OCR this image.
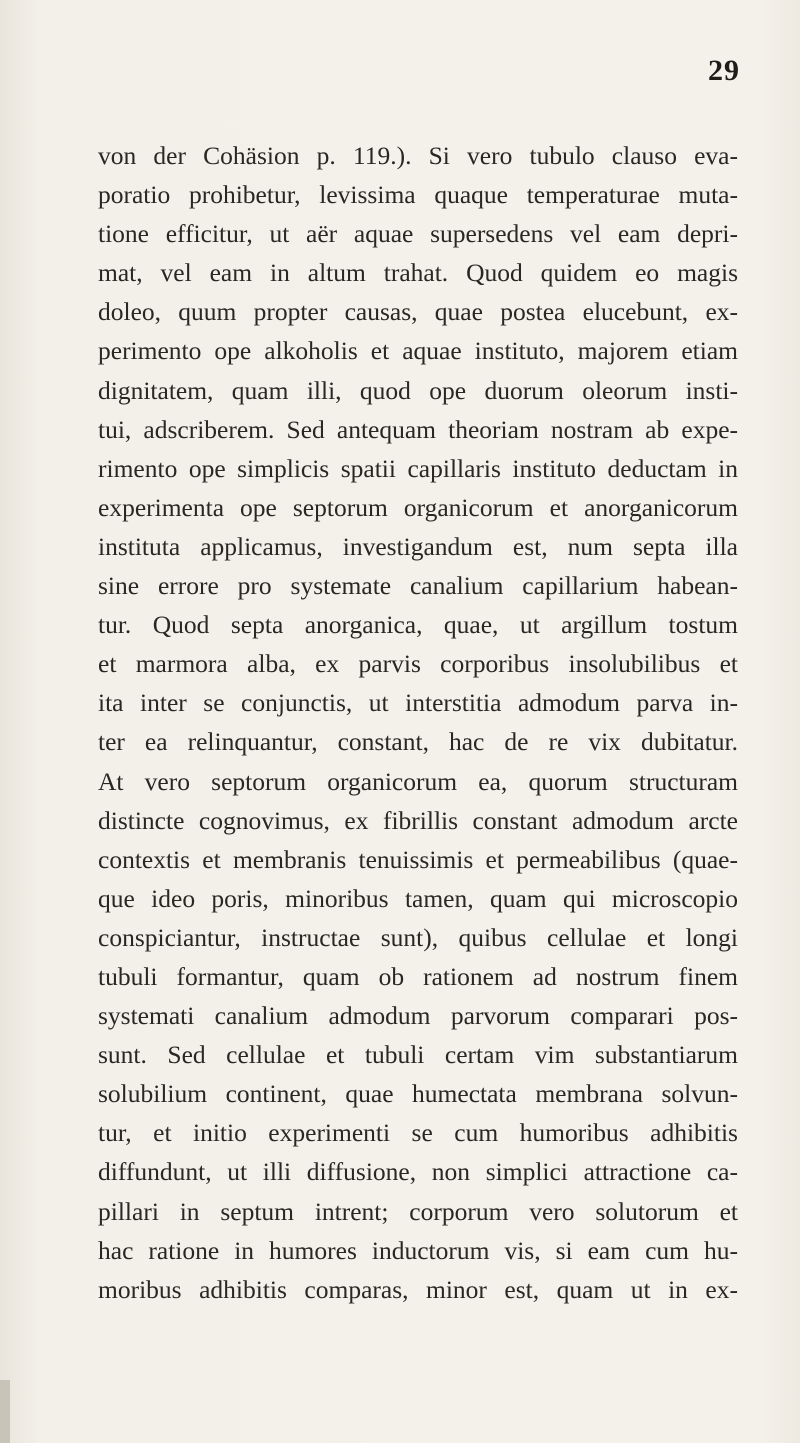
29
von der Cohäsion p. 119.). Si vero tubulo clauso eva-
poratio prohibetur, levissima quaque temperaturae muta-
tione efficitur, ut aër aquae supersedens vel eam depri-
mat, vel eam in altum trahat. Quod quidem eo magis
doleo, quum propter causas, quae postea elucebunt, ex-
perimento ope alkoholis et aquae instituto, majorem etiam
dignitatem, quam illi, quod ope duorum oleorum insti-
tui, adscriberem. Sed antequam theoriam nostram ab expe-
rimento ope simplicis spatii capillaris instituto deductam in
experimenta ope septorum organicorum et anorganicorum
instituta applicamus, investigandum est, num septa illa
sine errore pro systemate canalium capillarium habean-
tur. Quod septa anorganica, quae, ut argillum tostum
et marmora alba, ex parvis corporibus insolubilibus et
ita inter se conjunctis, ut interstitia admodum parva in-
ter ea relinquantur, constant, hac de re vix dubitatur.
At vero septorum organicorum ea, quorum structuram
distincte cognovimus, ex fibrillis constant admodum arcte
contextis et membranis tenuissimis et permeabilibus (quae-
que ideo poris, minoribus tamen, quam qui microscopio
conspiciantur, instructae sunt), quibus cellulae et longi
tubuli formantur, quam ob rationem ad nostrum finem
systemati canalium admodum parvorum comparari pos-
sunt. Sed cellulae et tubuli certam vim substantiarum
solubilium continent, quae humectata membrana solvun-
tur, et initio experimenti se cum humoribus adhibitis
diffundunt, ut illi diffusione, non simplici attractione ca-
pillari in septum intrent; corporum vero solutorum et
hac ratione in humores inductorum vis, si eam cum hu-
moribus adhibitis comparas, minor est, quam ut in ex-
